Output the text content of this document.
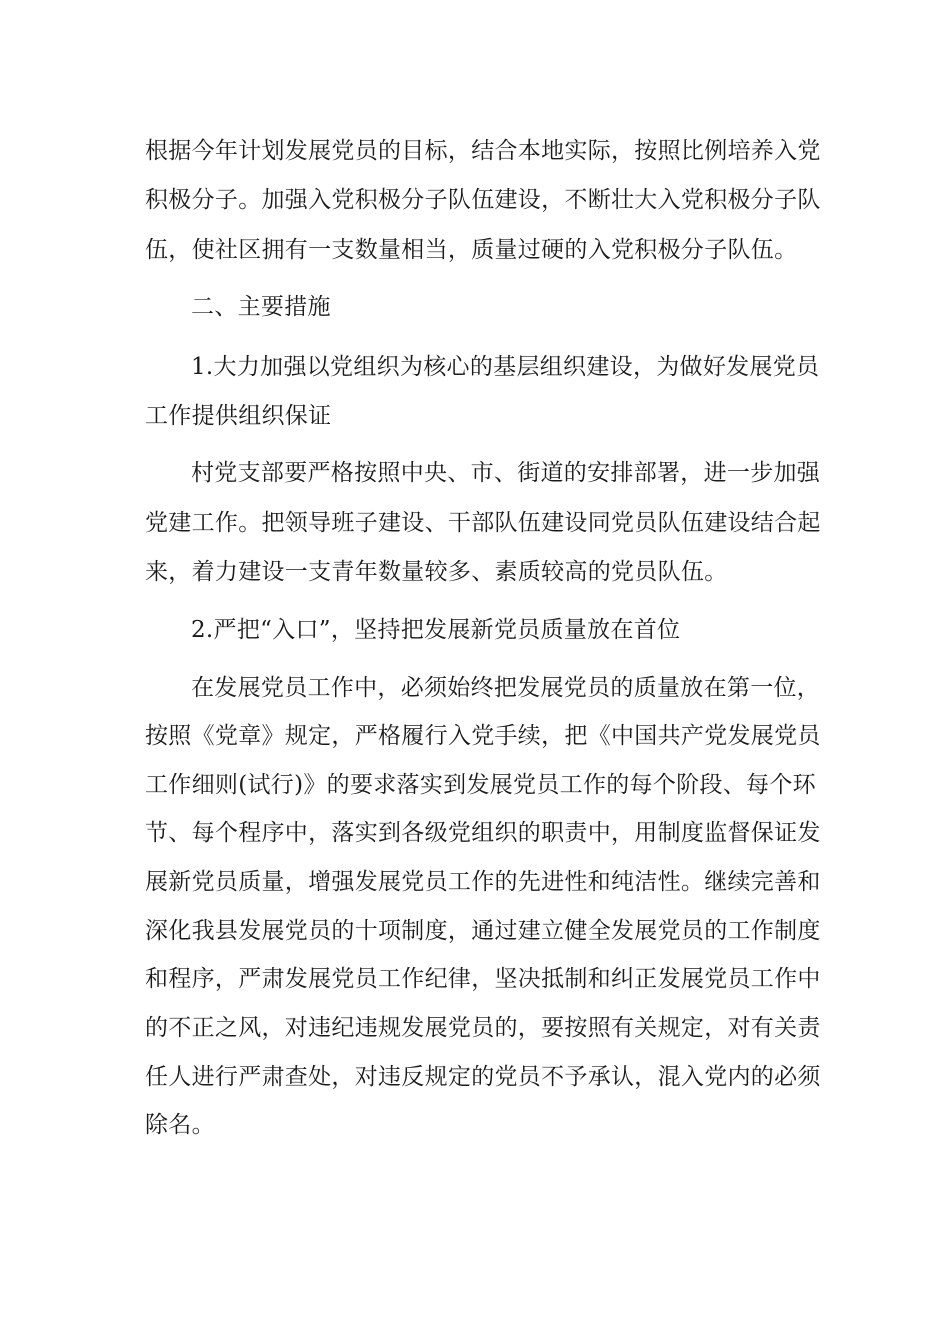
根据今年计划发展党员的目标，结合本地实际，按照比例培养入党
积极分子。加强入党积极分子队伍建设，不断壮大入党积极分子队
伍，使社区拥有一支数量相当，质量过硬的入党积极分子队伍。
二、主要措施
1.大力加强以党组织为核心的基层组织建设，为做好发展党员
工作提供组织保证
村党支部要严格按照中央、市、街道的安排部署，进一步加强
党建工作。把领导班子建设、干部队伍建设同党员队伍建设结合起
来，着力建设一支青年数量较多、素质较高的党员队伍。
2.严把“入口”，坚持把发展新党员质量放在首位
在发展党员工作中，必须始终把发展党员的质量放在第一位，
按照《党章》规定，严格履行入党手续，把《中国共产党发展党员
工作细则(试行)》的要求落实到发展党员工作的每个阶段、每个环
节、每个程序中，落实到各级党组织的职责中，用制度监督保证发
展新党员质量，增强发展党员工作的先进性和纯洁性。继续完善和
深化我县发展党员的十项制度，通过建立健全发展党员的工作制度
和程序，严肃发展党员工作纪律，坚决抵制和纠正发展党员工作中
的不正之风，对违纪违规发展党员的，要按照有关规定，对有关责
任人进行严肃查处，对违反规定的党员不予承认，混入党内的必须
除名。
